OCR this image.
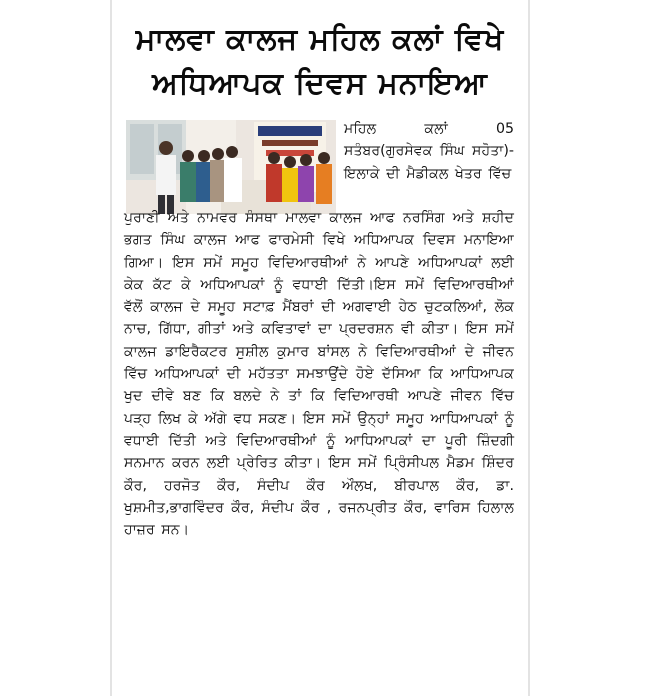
ਮਾਲਵਾ ਕਾਲਜ ਮਹਿਲ ਕਲਾਂ ਵਿਖੇ
ਅਧਿਆਪਕ ਦਿਵਸ ਮਨਾਇਆ
ਮਹਿਲ ਕਲਾਂ 05 ਸਤੰਬਰ(ਗੁਰਸੇਵਕ ਸਿੰਘ ਸਹੋਤਾ)-ਇਲਾਕੇ ਦੀ ਮੈਡੀਕਲ ਖੇਤਰ ਵਿੱਚ
ਪੁਰਾਣੀ ਅਤੇ ਨਾਮਵਰ ਸੰਸਥਾ ਮਾਲਵਾ ਕਾਲਜ ਆਫ ਨਰਸਿੰਗ ਅਤੇ ਸ਼ਹੀਦ ਭਗਤ ਸਿੰਘ ਕਾਲਜ ਆਫ ਫਾਰਮੇਸੀ ਵਿਖੇ ਅਧਿਆਪਕ ਦਿਵਸ ਮਨਾਇਆ ਗਿਆ। ਇਸ ਸਮੇਂ ਸਮੂਹ ਵਿਦਿਆਰਥੀਆਂ ਨੇ ਆਪਣੇ ਅਧਿਆਪਕਾਂ ਲਈ ਕੇਕ ਕੱਟ ਕੇ ਅਧਿਆਪਕਾਂ ਨੂੰ ਵਧਾਈ ਦਿੱਤੀ।ਇਸ ਸਮੇਂ ਵਿਦਿਆਰਥੀਆਂ ਵੱਲੋਂ ਕਾਲਜ ਦੇ ਸਮੂਹ ਸਟਾਫ਼ ਮੈਂਬਰਾਂ ਦੀ ਅਗਵਾਈ ਹੇਠ ਚੁਟਕਲਿਆਂ, ਲੋਕ ਨਾਚ, ਗਿੱਧਾ, ਗੀਤਾਂ ਅਤੇ ਕਵਿਤਾਵਾਂ ਦਾ ਪ੍ਰਦਰਸ਼ਨ ਵੀ ਕੀਤਾ। ਇਸ ਸਮੇਂ ਕਾਲਜ ਡਾਇਰੈਕਟਰ ਸੁਸ਼ੀਲ ਕੁਮਾਰ ਬਾਂਸਲ ਨੇ ਵਿਦਿਆਰਥੀਆਂ ਦੇ ਜੀਵਨ ਵਿੱਚ ਅਧਿਆਪਕਾਂ ਦੀ ਮਹੱਤਤਾ ਸਮਝਾਉਂਦੇ ਹੋਏ ਦੱਸਿਆ ਕਿ ਆਧਿਆਪਕ ਖੁਦ ਦੀਵੇ ਬਣ ਕਿ ਬਲਦੇ ਨੇ ਤਾਂ ਕਿ ਵਿਦਿਆਰਥੀ ਆਪਣੇ ਜੀਵਨ ਵਿੱਚ ਪੜ੍ਹ ਲਿਖ ਕੇ ਅੱਗੇ ਵਧ ਸਕਣ। ਇਸ ਸਮੇਂ ਉਨ੍ਹਾਂ ਸਮੂਹ ਆਧਿਆਪਕਾਂ ਨੂੰ ਵਧਾਈ ਦਿੱਤੀ ਅਤੇ ਵਿਦਿਆਰਥੀਆਂ ਨੂੰ ਆਧਿਆਪਕਾਂ ਦਾ ਪੂਰੀ ਜ਼ਿੰਦਗੀ ਸਨਮਾਨ ਕਰਨ ਲਈ ਪ੍ਰੇਰਿਤ ਕੀਤਾ। ਇਸ ਸਮੇਂ ਪ੍ਰਿੰਸੀਪਲ ਮੈਡਮ ਸ਼ਿੰਦਰ ਕੌਰ, ਹਰਜੋਤ ਕੌਰ, ਸੰਦੀਪ ਕੌਰ ਔਲਖ, ਬੀਰਪਾਲ ਕੌਰ, ਡਾ. ਖੁਸ਼ਮੀਤ,ਭਾਗਵਿੰਦਰ ਕੌਰ, ਸੰਦੀਪ ਕੌਰ , ਰਜਨਪ੍ਰੀਤ ਕੌਰ, ਵਾਰਿਸ ਹਿਲਾਲ ਹਾਜ਼ਰ ਸਨ।
